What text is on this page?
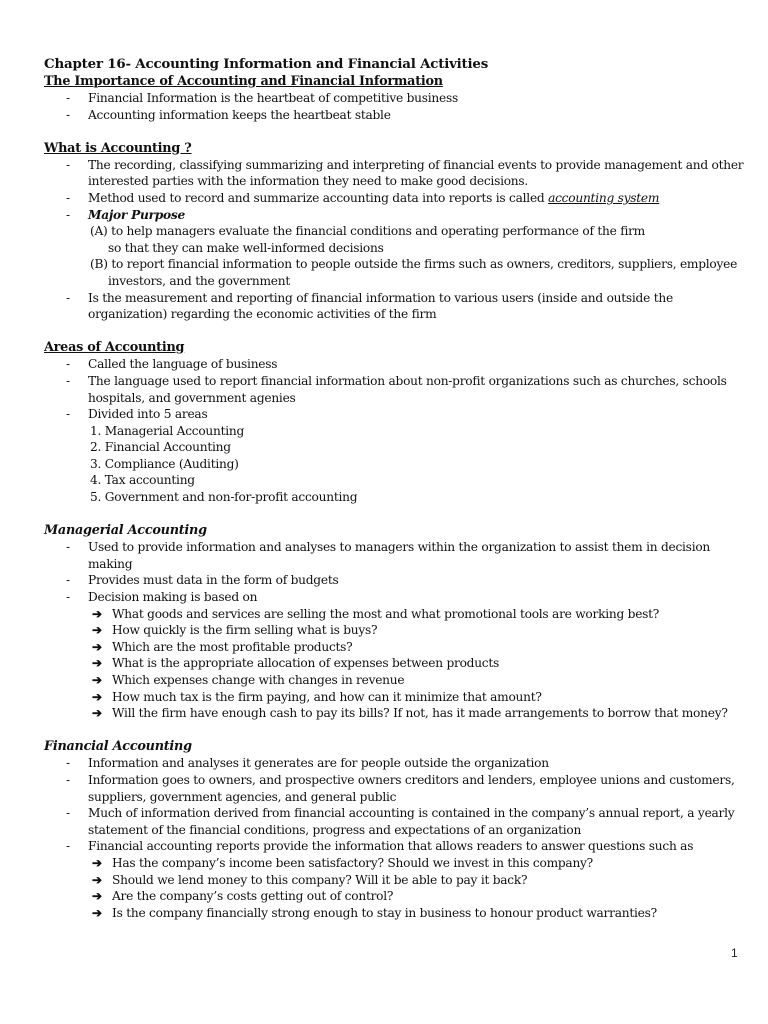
Chapter 16- Accounting Information and Financial Activities
The Importance of Accounting and Financial Information
- Financial Information is the heartbeat of competitive business
- Accounting information keeps the heartbeat stable
What is Accounting ?
- The recording, classifying summarizing and interpreting of financial events to provide management and other interested parties with the information they need to make good decisions.
- Method used to record and summarize accounting data into reports is called accounting system
- Major Purpose
(A) to help managers evaluate the financial conditions and operating performance of the firm
so that they can make well-informed decisions
(B) to report financial information to people outside the firms such as owners, creditors, suppliers, employee
investors, and the government
- Is the measurement and reporting of financial information to various users (inside and outside the organization) regarding the economic activities of the firm
Areas of Accounting
- Called the language of business
- The language used to report financial information about non-profit organizations such as churches, schools hospitals, and government agenies
- Divided into 5 areas
1. Managerial Accounting
2. Financial Accounting
3. Compliance (Auditing)
4. Tax accounting
5. Government and non-for-profit accounting
Managerial Accounting
- Used to provide information and analyses to managers within the organization to assist them in decision making
- Provides must data in the form of budgets
- Decision making is based on
➔ What goods and services are selling the most and what promotional tools are working best?
➔ How quickly is the firm selling what is buys?
➔ Which are the most profitable products?
➔ What is the appropriate allocation of expenses between products
➔ Which expenses change with changes in revenue
➔ How much tax is the firm paying, and how can it minimize that amount?
➔ Will the firm have enough cash to pay its bills? If not, has it made arrangements to borrow that money?
Financial Accounting
- Information and analyses it generates are for people outside the organization
- Information goes to owners, and prospective owners creditors and lenders, employee unions and customers, suppliers, government agencies, and general public
- Much of information derived from financial accounting is contained in the company’s annual report, a yearly statement of the financial conditions, progress and expectations of an organization
- Financial accounting reports provide the information that allows readers to answer questions such as
➔ Has the company’s income been satisfactory? Should we invest in this company?
➔ Should we lend money to this company? Will it be able to pay it back?
➔ Are the company’s costs getting out of control?
➔ Is the company financially strong enough to stay in business to honour product warranties?
1
